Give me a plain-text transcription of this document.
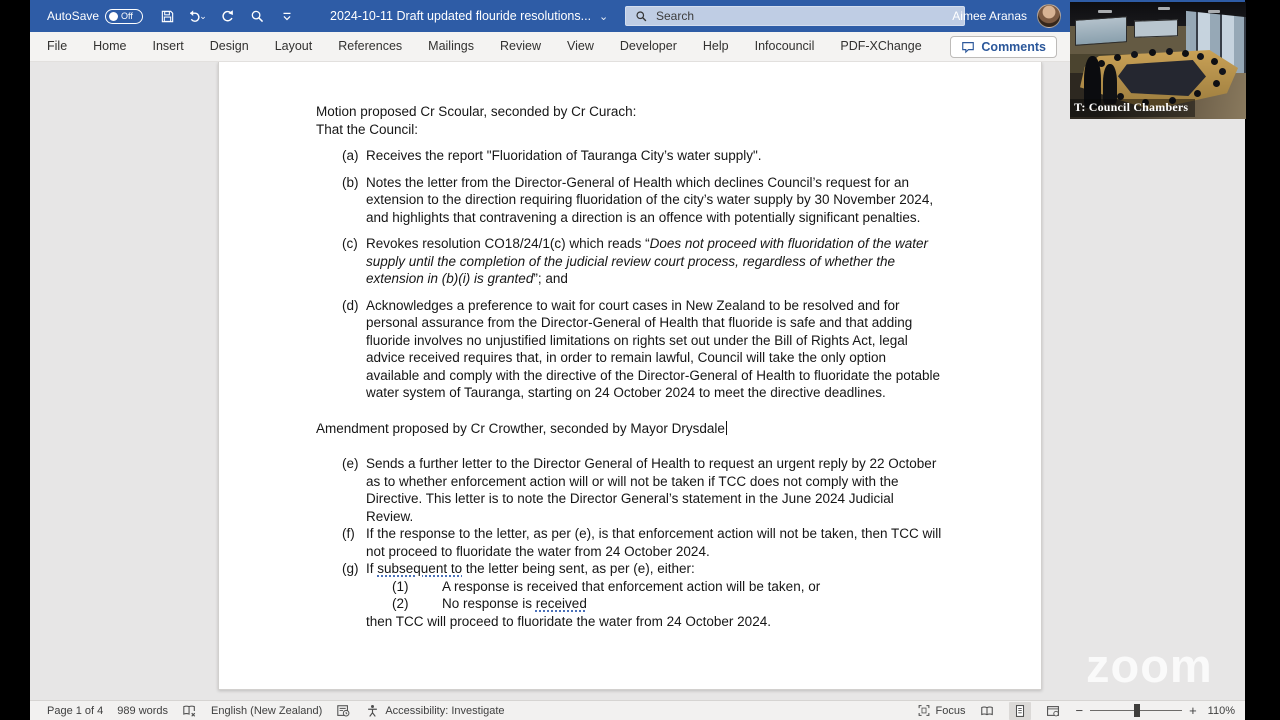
AutoSave Off	⌄	2024-10-11 Draft updated flouride resolutions... ⌄
Search	Aimee Aranas
File	Home	Insert	Design	Layout	References	Mailings	Review	View	Developer	Help	Infocouncil	PDF-XChange	Comments
Motion proposed Cr Scoular, seconded by Cr Curach:
That the Council:
(a) Receives the report "Fluoridation of Tauranga City’s water supply".
(b) Notes the letter from the Director-General of Health which declines Council’s request for an extension to the direction requiring fluoridation of the city’s water supply by 30 November 2024, and highlights that contravening a direction is an offence with potentially significant penalties.
(c) Revokes resolution CO18/24/1(c) which reads “Does not proceed with fluoridation of the water supply until the completion of the judicial review court process, regardless of whether the extension in (b)(i) is granted”; and
(d) Acknowledges a preference to wait for court cases in New Zealand to be resolved and for personal assurance from the Director-General of Health that fluoride is safe and that adding fluoride involves no unjustified limitations on rights set out under the Bill of Rights Act, legal advice received requires that, in order to remain lawful, Council will take the only option available and comply with the directive of the Director-General of Health to fluoridate the potable water system of Tauranga, starting on 24 October 2024 to meet the directive deadlines.
Amendment proposed by Cr Crowther, seconded by Mayor Drysdale
(e) Sends a further letter to the Director General of Health to request an urgent reply by 22 October as to whether enforcement action will or will not be taken if TCC does not comply with the Directive. This letter is to note the Director General’s statement in the June 2024 Judicial Review.
(f) If the response to the letter, as per (e), is that enforcement action will not be taken, then TCC will not proceed to fluoridate the water from 24 October 2024.
(g) If subsequent to the letter being sent, as per (e), either:
(1)	A response is received that enforcement action will be taken, or
(2)	No response is received
then TCC will proceed to fluoridate the water from 24 October 2024.
zoom
Page 1 of 4 989 words	English (New Zealand)	Accessibility: Investigate	Focus	−	+ 110%
T: Council Chambers
